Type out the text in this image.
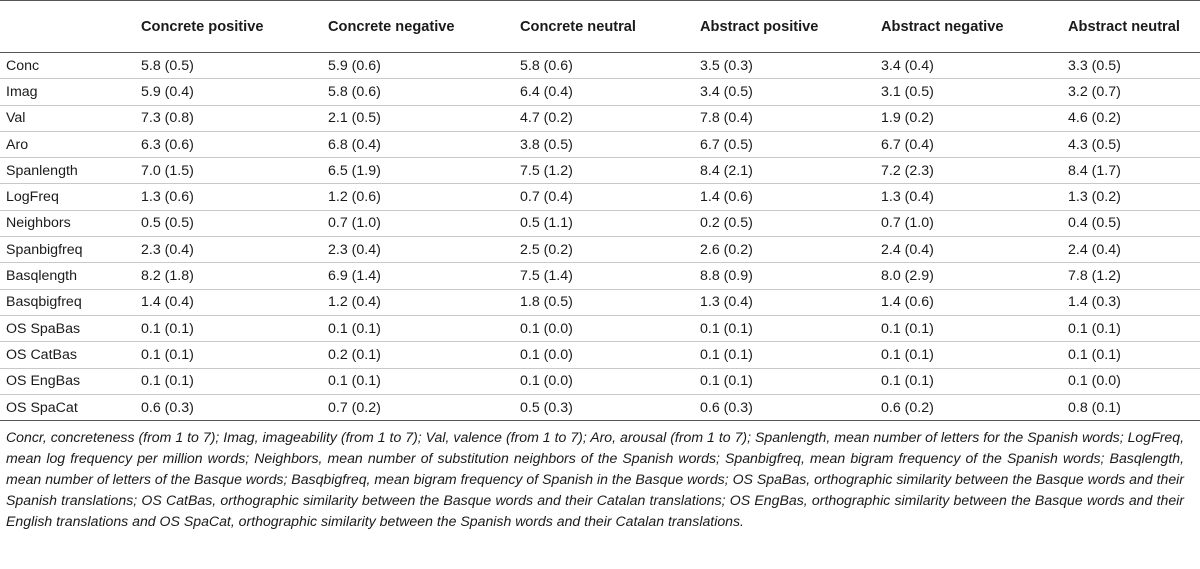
	Concrete positive	Concrete negative	Concrete neutral	Abstract positive	Abstract negative	Abstract neutral
Conc	5.8 (0.5)	5.9 (0.6)	5.8 (0.6)	3.5 (0.3)	3.4 (0.4)	3.3 (0.5)
Imag	5.9 (0.4)	5.8 (0.6)	6.4 (0.4)	3.4 (0.5)	3.1 (0.5)	3.2 (0.7)
Val	7.3 (0.8)	2.1 (0.5)	4.7 (0.2)	7.8 (0.4)	1.9 (0.2)	4.6 (0.2)
Aro	6.3 (0.6)	6.8 (0.4)	3.8 (0.5)	6.7 (0.5)	6.7 (0.4)	4.3 (0.5)
Spanlength	7.0 (1.5)	6.5 (1.9)	7.5 (1.2)	8.4 (2.1)	7.2 (2.3)	8.4 (1.7)
LogFreq	1.3 (0.6)	1.2 (0.6)	0.7 (0.4)	1.4 (0.6)	1.3 (0.4)	1.3 (0.2)
Neighbors	0.5 (0.5)	0.7 (1.0)	0.5 (1.1)	0.2 (0.5)	0.7 (1.0)	0.4 (0.5)
Spanbigfreq	2.3 (0.4)	2.3 (0.4)	2.5 (0.2)	2.6 (0.2)	2.4 (0.4)	2.4 (0.4)
Basqlength	8.2 (1.8)	6.9 (1.4)	7.5 (1.4)	8.8 (0.9)	8.0 (2.9)	7.8 (1.2)
Basqbigfreq	1.4 (0.4)	1.2 (0.4)	1.8 (0.5)	1.3 (0.4)	1.4 (0.6)	1.4 (0.3)
OS SpaBas	0.1 (0.1)	0.1 (0.1)	0.1 (0.0)	0.1 (0.1)	0.1 (0.1)	0.1 (0.1)
OS CatBas	0.1 (0.1)	0.2 (0.1)	0.1 (0.0)	0.1 (0.1)	0.1 (0.1)	0.1 (0.1)
OS EngBas	0.1 (0.1)	0.1 (0.1)	0.1 (0.0)	0.1 (0.1)	0.1 (0.1)	0.1 (0.0)
OS SpaCat	0.6 (0.3)	0.7 (0.2)	0.5 (0.3)	0.6 (0.3)	0.6 (0.2)	0.8 (0.1)
Concr, concreteness (from 1 to 7); Imag, imageability (from 1 to 7); Val, valence (from 1 to 7); Aro, arousal (from 1 to 7); Spanlength, mean number of letters for the Spanish words; LogFreq, mean log frequency per million words; Neighbors, mean number of substitution neighbors of the Spanish words; Spanbigfreq, mean bigram frequency of the Spanish words; Basqlength, mean number of letters of the Basque words; Basqbigfreq, mean bigram frequency of Spanish in the Basque words; OS SpaBas, orthographic similarity between the Basque words and their Spanish translations; OS CatBas, orthographic similarity between the Basque words and their Catalan translations; OS EngBas, orthographic similarity between the Basque words and their English translations and OS SpaCat, orthographic similarity between the Spanish words and their Catalan translations.
